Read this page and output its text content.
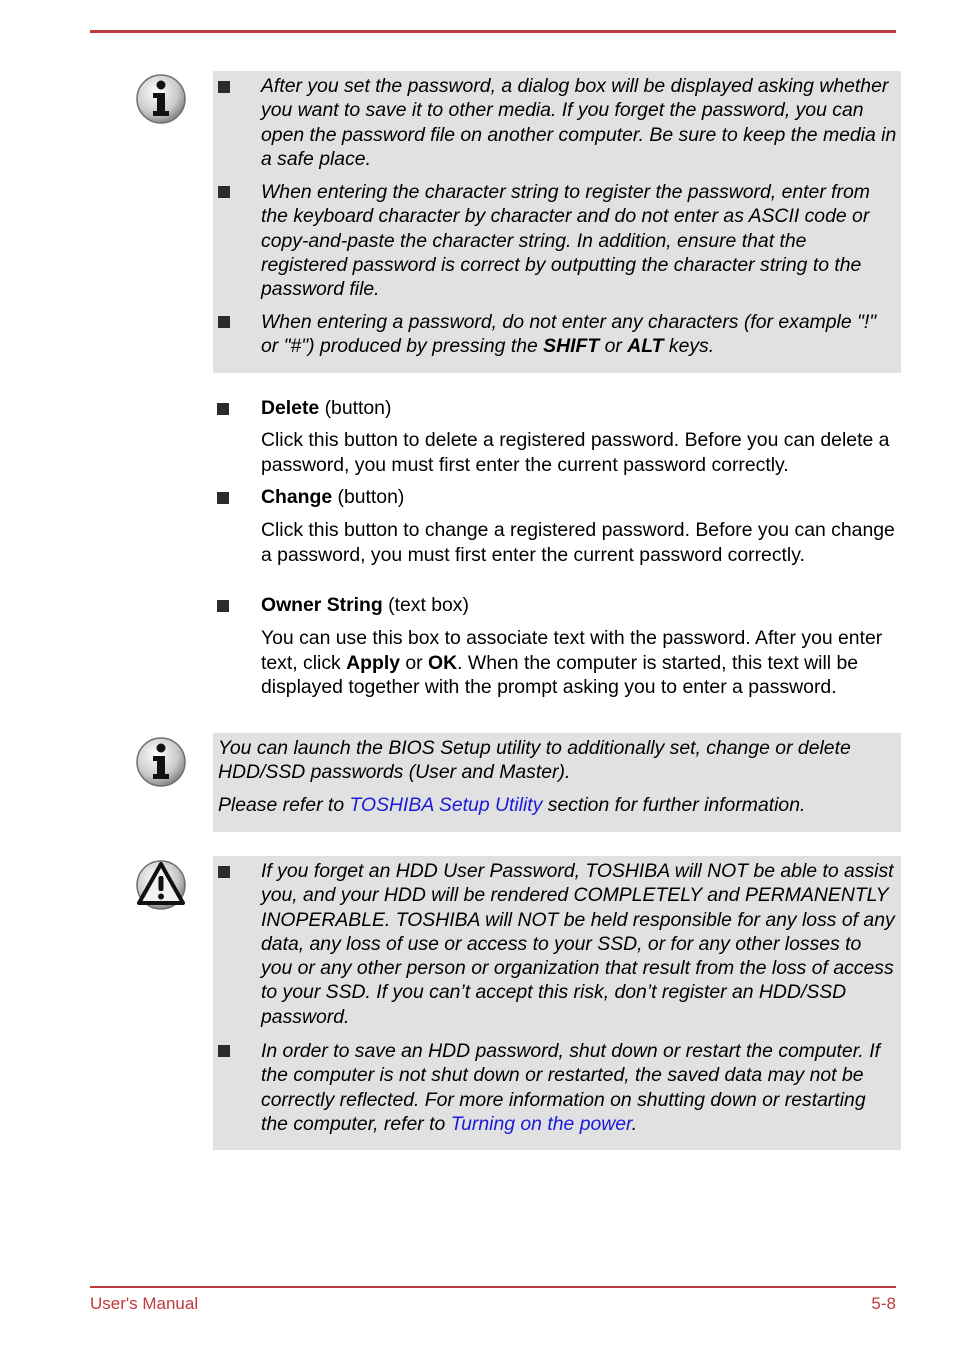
After you set the password, a dialog box will be displayed asking whether you want to save it to other media. If you forget the password, you can open the password file on another computer. Be sure to keep the media in a safe place.
When entering the character string to register the password, enter from the keyboard character by character and do not enter as ASCII code or copy-and-paste the character string. In addition, ensure that the registered password is correct by outputting the character string to the password file.
When entering a password, do not enter any characters (for example "!" or "#") produced by pressing the SHIFT or ALT keys.
Delete (button)
Click this button to delete a registered password. Before you can delete a password, you must first enter the current password correctly.
Change (button)
Click this button to change a registered password. Before you can change a password, you must first enter the current password correctly.
Owner String (text box)
You can use this box to associate text with the password. After you enter text, click Apply or OK. When the computer is started, this text will be displayed together with the prompt asking you to enter a password.
You can launch the BIOS Setup utility to additionally set, change or delete HDD/SSD passwords (User and Master).
Please refer to TOSHIBA Setup Utility section for further information.
If you forget an HDD User Password, TOSHIBA will NOT be able to assist you, and your HDD will be rendered COMPLETELY and PERMANENTLY INOPERABLE. TOSHIBA will NOT be held responsible for any loss of any data, any loss of use or access to your SSD, or for any other losses to you or any other person or organization that result from the loss of access to your SSD. If you can’t accept this risk, don’t register an HDD/SSD password.
In order to save an HDD password, shut down or restart the computer. If the computer is not shut down or restarted, the saved data may not be correctly reflected. For more information on shutting down or restarting the computer, refer to Turning on the power.
User's Manual	5-8
